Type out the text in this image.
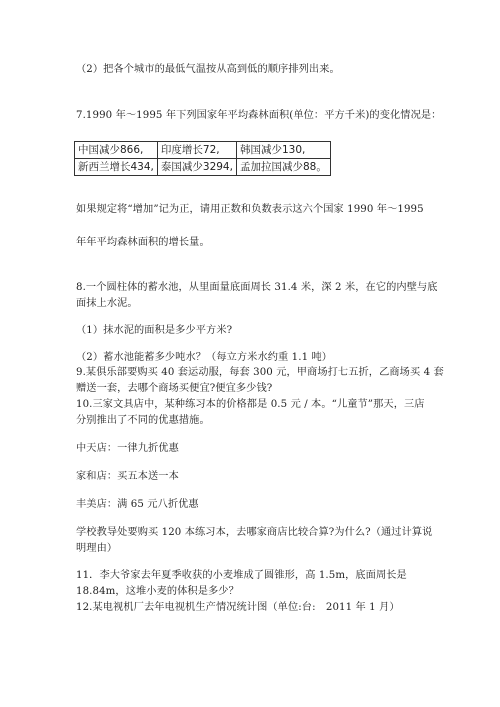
（2）把各个城市的最低气温按从高到低的顺序排列出来。
7.1990 年～1995 年下列国家年平均森林面积(单位：平方千米)的变化情况是：
中国减少866,	印度增长72,	韩国减少130,
新西兰增长434,	泰国减少3294,	孟加拉国减少88。
如果规定将“增加”记为正，请用正数和负数表示这六个国家 1990 年～1995
年年平均森林面积的增长量。
8.一个圆柱体的蓄水池，从里面量底面周长 31.4 米，深 2 米，在它的内壁与底
面抹上水泥。
（1）抹水泥的面积是多少平方米?
（2）蓄水池能蓄多少吨水？（每立方米水约重 1.1 吨）
9.某俱乐部要购买 40 套运动服，每套 300 元，甲商场打七五折，乙商场买 4 套
赠送一套，去哪个商场买便宜?便宜多少钱?
10.三家文具店中，某种练习本的价格都是 0.5 元 / 本。“儿童节”那天，三店
分别推出了不同的优惠措施。
中天店：一律九折优惠
家和店：买五本送一本
丰美店：满 65 元八折优惠
学校教导处要购买 120 本练习本，去哪家商店比较合算?为什么?（通过计算说
明理由）
11．李大爷家去年夏季收获的小麦堆成了圆锥形，高 1.5m，底面周长是
18.84m，这堆小麦的体积是多少？
12.某电视机厂去年电视机生产情况统计图（单位:台:　2011 年 1 月）
